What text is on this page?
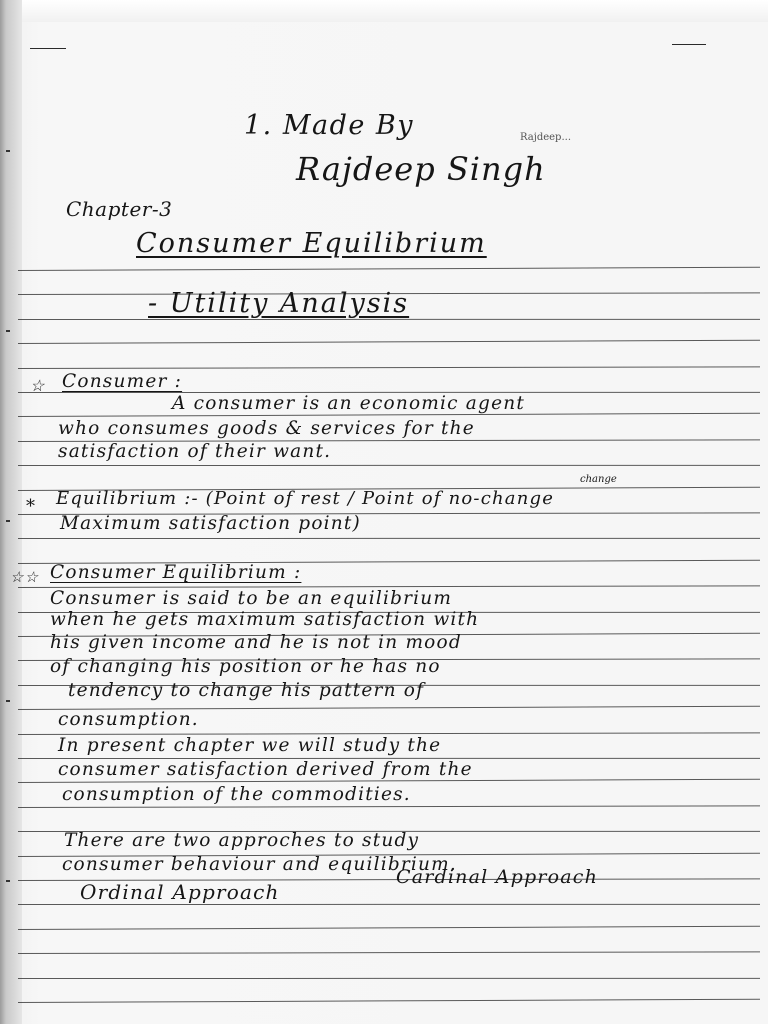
1. Made By	Rajdeep...
Rajdeep Singh
Chapter-3
Consumer Equilibrium
- Utility Analysis
☆ Consumer :
A consumer is an economic agent
who consumes goods & services for the
satisfaction of their want.
* Equilibrium :- (Point of rest / Point of no-change
change
Maximum satisfaction point)
☆☆ Consumer Equilibrium :
Consumer is said to be an equilibrium
when he gets maximum satisfaction with
his given income and he is not in mood
of changing his position or he has no
tendency to change his pattern of
consumption.
In present chapter we will study the
consumer satisfaction derived from the
consumption of the commodities.
There are two approches to study
consumer behaviour and equilibrium.
Ordinal Approach
Cardinal Approach
